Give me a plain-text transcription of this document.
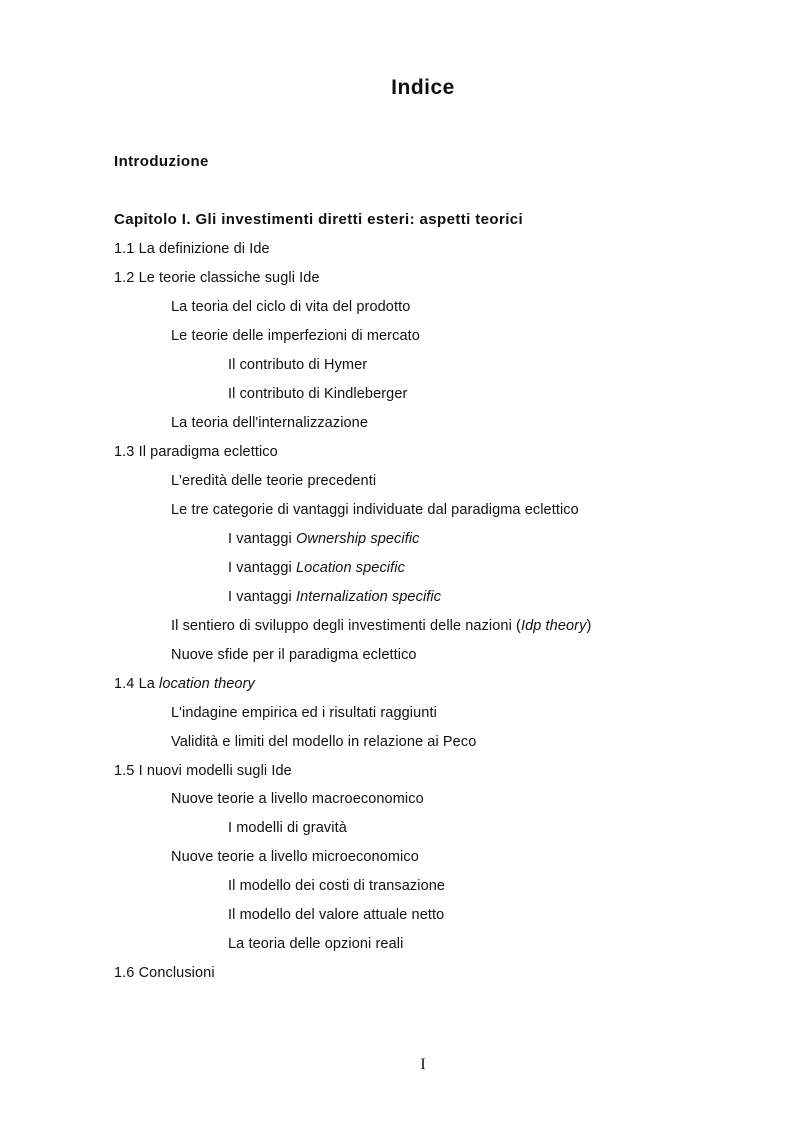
Indice
Introduzione
Capitolo I. Gli investimenti diretti esteri: aspetti teorici
1.1 La definizione di Ide
1.2 Le teorie classiche sugli Ide
La teoria del ciclo di vita del prodotto
Le teorie delle imperfezioni di mercato
Il contributo di Hymer
Il contributo di Kindleberger
La teoria dell'internalizzazione
1.3 Il paradigma eclettico
L'eredità delle teorie precedenti
Le tre categorie di vantaggi individuate dal paradigma eclettico
I vantaggi Ownership specific
I vantaggi Location specific
I vantaggi Internalization specific
Il sentiero di sviluppo degli investimenti delle nazioni (Idp theory)
Nuove sfide per il paradigma eclettico
1.4 La location theory
L'indagine empirica ed i risultati raggiunti
Validità e limiti del modello in relazione ai Peco
1.5 I nuovi modelli sugli Ide
Nuove teorie a livello macroeconomico
I modelli di gravità
Nuove teorie a livello microeconomico
Il modello dei costi di transazione
Il modello del valore attuale netto
La teoria delle opzioni reali
1.6 Conclusioni
I
